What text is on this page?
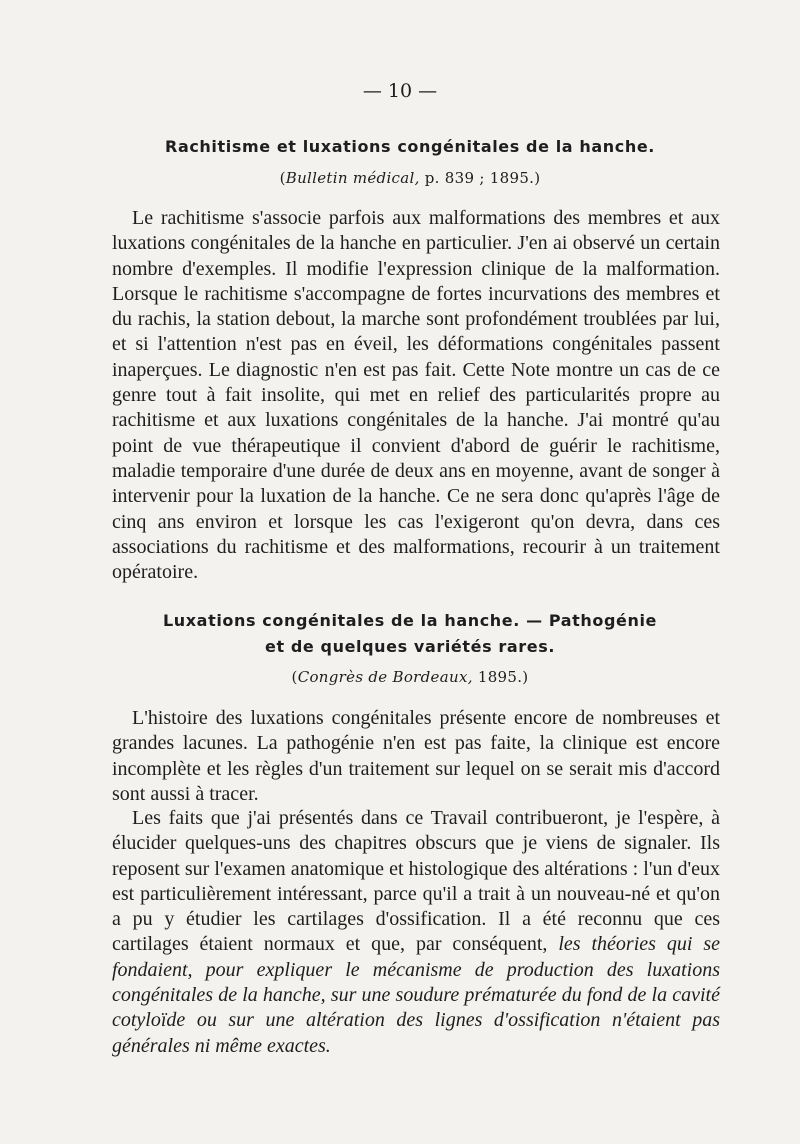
— 10 —
Rachitisme et luxations congénitales de la hanche.
(Bulletin médical, p. 839 ; 1895.)

Le rachitisme s'associe parfois aux malformations des membres et aux luxations congénitales de la hanche en particulier. J'en ai observé un certain nombre d'exemples. Il modifie l'expression clinique de la malformation. Lorsque le rachitisme s'accompagne de fortes incurvations des membres et du rachis, la station debout, la marche sont profondément troublées par lui, et si l'attention n'est pas en éveil, les déformations congénitales passent inaperçues. Le diagnostic n'en est pas fait. Cette Note montre un cas de ce genre tout à fait insolite, qui met en relief des particularités propre au rachitisme et aux luxations congénitales de la hanche. J'ai montré qu'au point de vue thérapeutique il convient d'abord de guérir le rachitisme, maladie temporaire d'une durée de deux ans en moyenne, avant de songer à intervenir pour la luxation de la hanche. Ce ne sera donc qu'après l'âge de cinq ans environ et lorsque les cas l'exigeront qu'on devra, dans ces associations du rachitisme et des malformations, recourir à un traitement opératoire.

Luxations congénitales de la hanche. — Pathogénie
et de quelques variétés rares.
(Congrès de Bordeaux, 1895.)

L'histoire des luxations congénitales présente encore de nombreuses et grandes lacunes. La pathogénie n'en est pas faite, la clinique est encore incomplète et les règles d'un traitement sur lequel on se serait mis d'accord sont aussi à tracer.

Les faits que j'ai présentés dans ce Travail contribueront, je l'espère, à élucider quelques-uns des chapitres obscurs que je viens de signaler. Ils reposent sur l'examen anatomique et histologique des altérations : l'un d'eux est particulièrement intéressant, parce qu'il a trait à un nouveau-né et qu'on a pu y étudier les cartilages d'ossification. Il a été reconnu que ces cartilages étaient normaux et que, par conséquent, les théories qui se fondaient, pour expliquer le mécanisme de production des luxations congénitales de la hanche, sur une soudure prématurée du fond de la cavité cotyloïde ou sur une altération des lignes d'ossification n'étaient pas générales ni même exactes.
